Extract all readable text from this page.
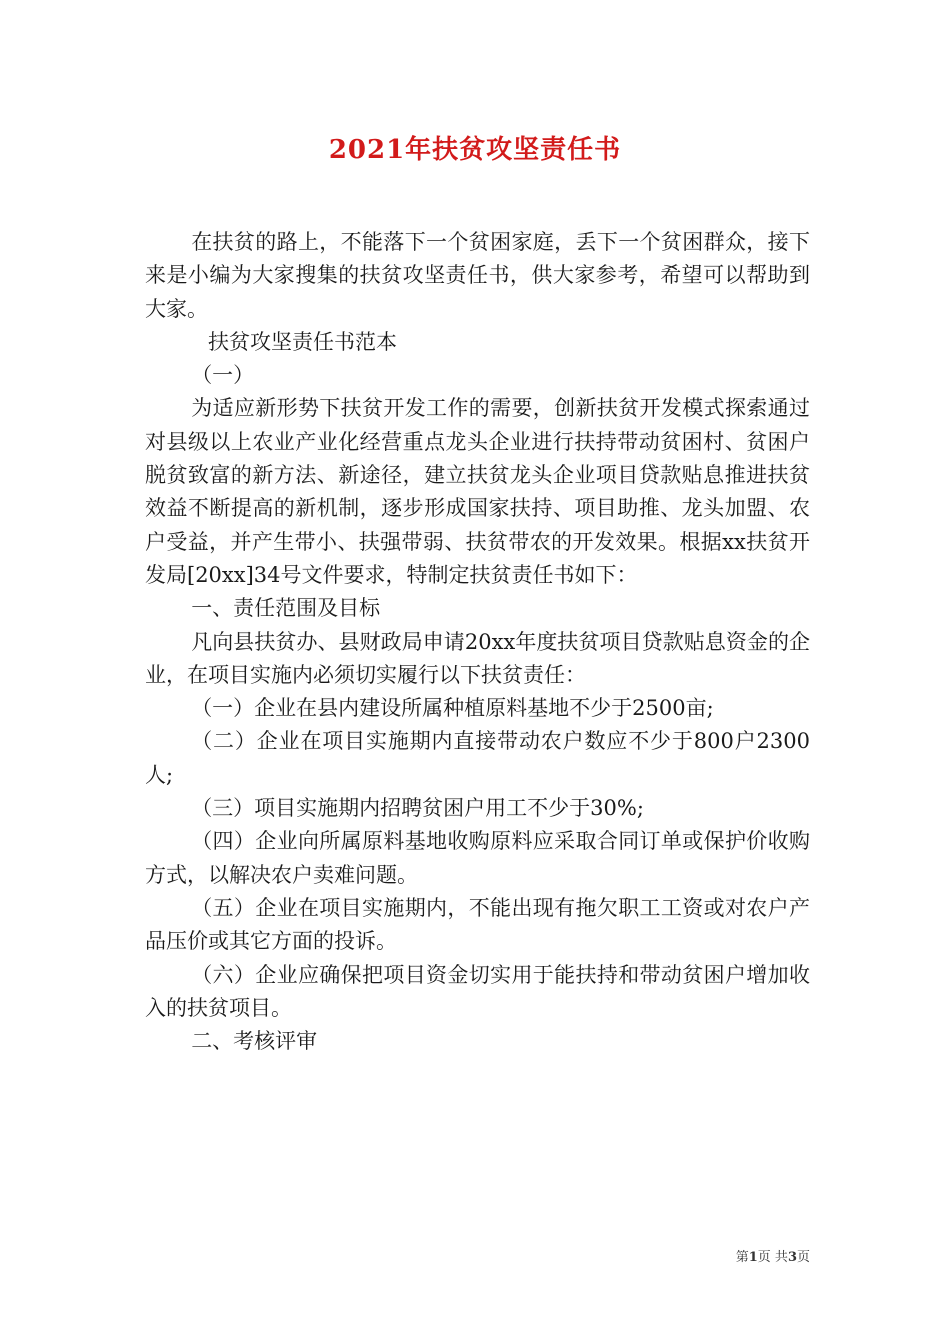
2021年扶贫攻坚责任书

在扶贫的路上，不能落下一个贫困家庭，丢下一个贫困群众，接下来是小编为大家搜集的扶贫攻坚责任书，供大家参考，希望可以帮助到大家。

扶贫攻坚责任书范本

（一）

为适应新形势下扶贫开发工作的需要，创新扶贫开发模式探索通过对县级以上农业产业化经营重点龙头企业进行扶持带动贫困村、贫困户脱贫致富的新方法、新途径，建立扶贫龙头企业项目贷款贴息推进扶贫效益不断提高的新机制，逐步形成国家扶持、项目助推、龙头加盟、农户受益，并产生带小、扶强带弱、扶贫带农的开发效果。根据xx扶贫开发局[20xx]34号文件要求，特制定扶贫责任书如下：

一、责任范围及目标

凡向县扶贫办、县财政局申请20xx年度扶贫项目贷款贴息资金的企业，在项目实施内必须切实履行以下扶贫责任：

（一）企业在县内建设所属种植原料基地不少于2500亩;

（二）企业在项目实施期内直接带动农户数应不少于800户2300人;

（三）项目实施期内招聘贫困户用工不少于30%;

（四）企业向所属原料基地收购原料应采取合同订单或保护价收购方式，以解决农户卖难问题。

（五）企业在项目实施期内，不能出现有拖欠职工工资或对农户产品压价或其它方面的投诉。

（六）企业应确保把项目资金切实用于能扶持和带动贫困户增加收入的扶贫项目。

二、考核评审

第1页 共3页
